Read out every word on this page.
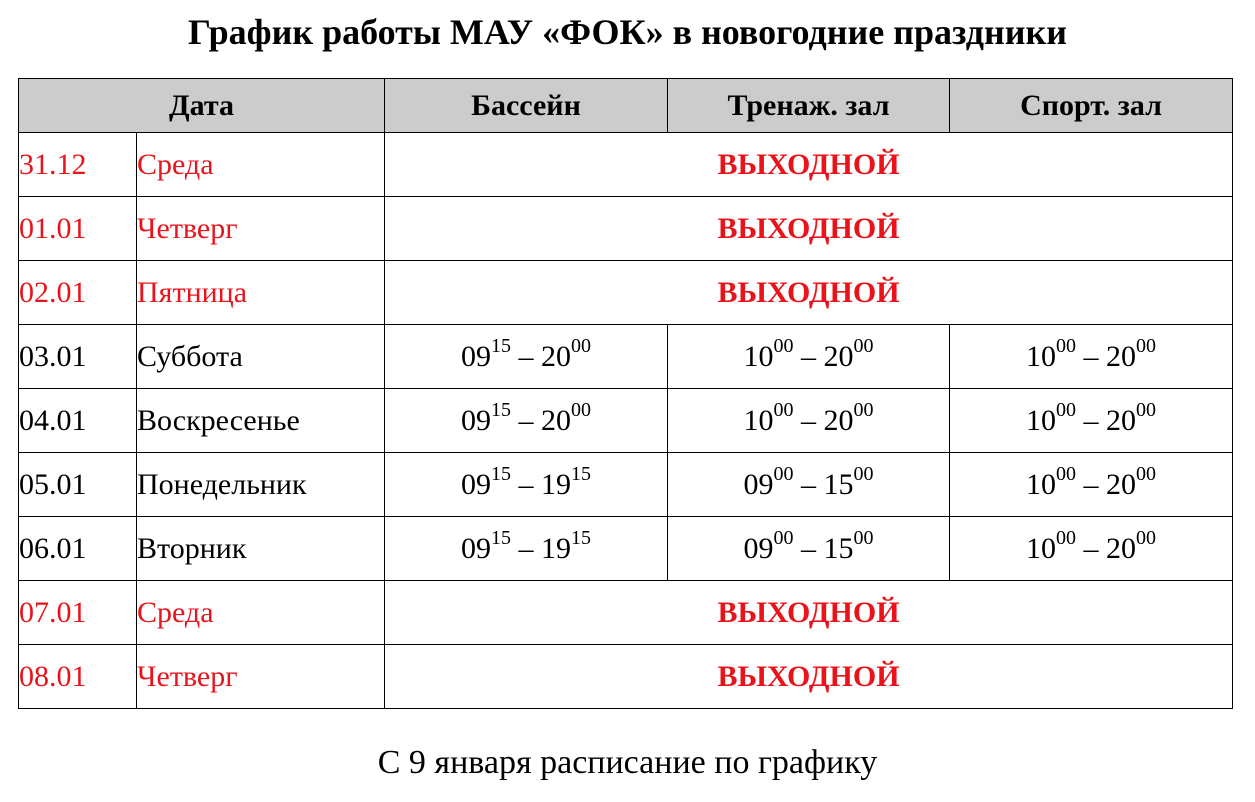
График работы МАУ «ФОК» в новогодние праздники
Дата		Бассейн	Тренаж. зал	Спорт. зал
31.12	Среда	ВЫХОДНОЙ		
01.01	Четверг	ВЫХОДНОЙ		
02.01	Пятница	ВЫХОДНОЙ		
03.01	Суббота	$09^{15} - 20^{00}$	$10^{00} - 20^{00}$	$10^{00} - 20^{00}$
04.01	Воскресенье	$09^{15} - 20^{00}$	$10^{00} - 20^{00}$	$10^{00} - 20^{00}$
05.01	Понедельник	$09^{15} - 19^{15}$	$09^{00} - 15^{00}$	$10^{00} - 20^{00}$
06.01	Вторник	$09^{15} - 19^{15}$	$09^{00} - 15^{00}$	$10^{00} - 20^{00}$
07.01	Среда	ВЫХОДНОЙ		
08.01	Четверг	ВЫХОДНОЙ		
С 9 января расписание по графику
